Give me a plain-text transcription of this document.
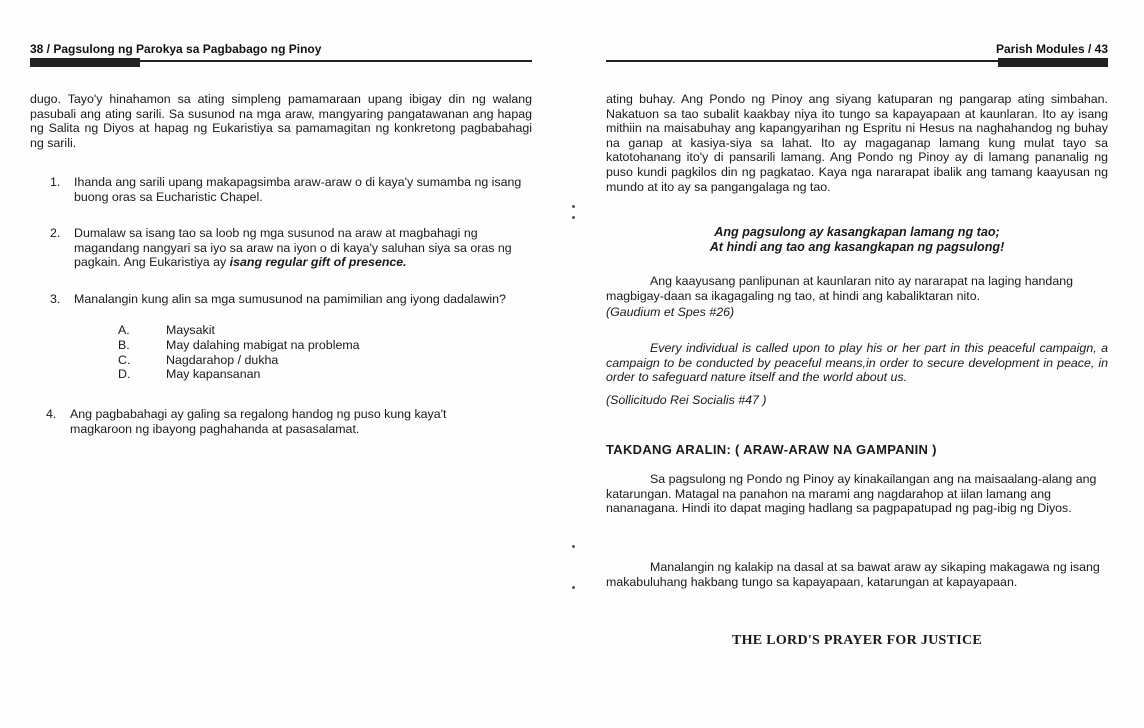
38 / Pagsulong ng Parokya sa Pagbabago ng Pinoy

dugo. Tayo'y hinahamon sa ating simpleng pamamaraan upang ibigay din ng walang pasubali ang ating sarili. Sa susunod na mga araw, mangyaring pangatawanan ang hapag ng Salita ng Diyos at hapag ng Eukaristiya sa pamamagitan ng konkretong pagbabahagi ng sarili.

1.	Ihanda ang sarili upang makapagsimba araw-araw o di kaya'y sumamba ng isang buong oras sa Eucharistic Chapel.
2.	Dumalaw sa isang tao sa loob ng mga susunod na araw at magbahagi ng magandang nangyari sa iyo sa araw na iyon o di kaya'y saluhan siya sa oras ng pagkain. Ang Eukaristiya ay isang regular gift of presence.
3.	Manalangin kung alin sa mga sumusunod na pamimilian ang iyong dadalawin?
A.	Maysakit
B.	May dalahing mabigat na problema
C.	Nagdarahop / dukha
D.	May kapansanan
4.	Ang pagbabahagi ay galing sa regalong handog ng puso kung kaya't magkaroon ng ibayong paghahanda at pasasalamat.
Parish Modules / 43

ating buhay. Ang Pondo ng Pinoy ang siyang katuparan ng pangarap ating simbahan. Nakatuon sa tao subalit kaakbay niya ito tungo sa kapayapaan at kaunlaran. Ito ay isang mithiin na maisabuhay ang kapangyarihan ng Espritu ni Hesus na naghahandog ng buhay na ganap at kasiya-siya sa lahat. Ito ay magaganap lamang kung mulat tayo sa katotohanang ito'y di pansarili lamang. Ang Pondo ng Pinoy ay di lamang pananalig ng puso kundi pagkilos din ng pagkatao. Kaya nga nararapat ibalik ang tamang kaayusan ng mundo at ito ay sa pangangalaga ng tao.

Ang pagsulong ay kasangkapan lamang ng tao;
At hindi ang tao ang kasangkapan ng pagsulong!

Ang kaayusang panlipunan at kaunlaran nito ay nararapat na laging handang magbigay-daan sa ikagagaling ng tao, at hindi ang kabaliktaran nito.

(Gaudium et Spes #26)

Every individual is called upon to play his or her part in this peaceful campaign, a campaign to be conducted by peaceful means,in order to secure development in peace, in order to safeguard nature itself and the world about us.

(Sollicitudo Rei Socialis #47 )

TAKDANG ARALIN: ( ARAW-ARAW NA GAMPANIN )

Sa pagsulong ng Pondo ng Pinoy ay kinakailangan ang na maisaalang-alang ang katarungan. Matagal na panahon na marami ang nagdarahop at iilan lamang ang nananagana. Hindi ito dapat maging hadlang sa pagpapatupad ng pag-ibig ng Diyos.

Manalangin ng kalakip na dasal at sa bawat araw ay sikaping makagawa ng isang makabuluhang hakbang tungo sa kapayapaan, katarungan at kapayapaan.

THE LORD'S PRAYER FOR JUSTICE
